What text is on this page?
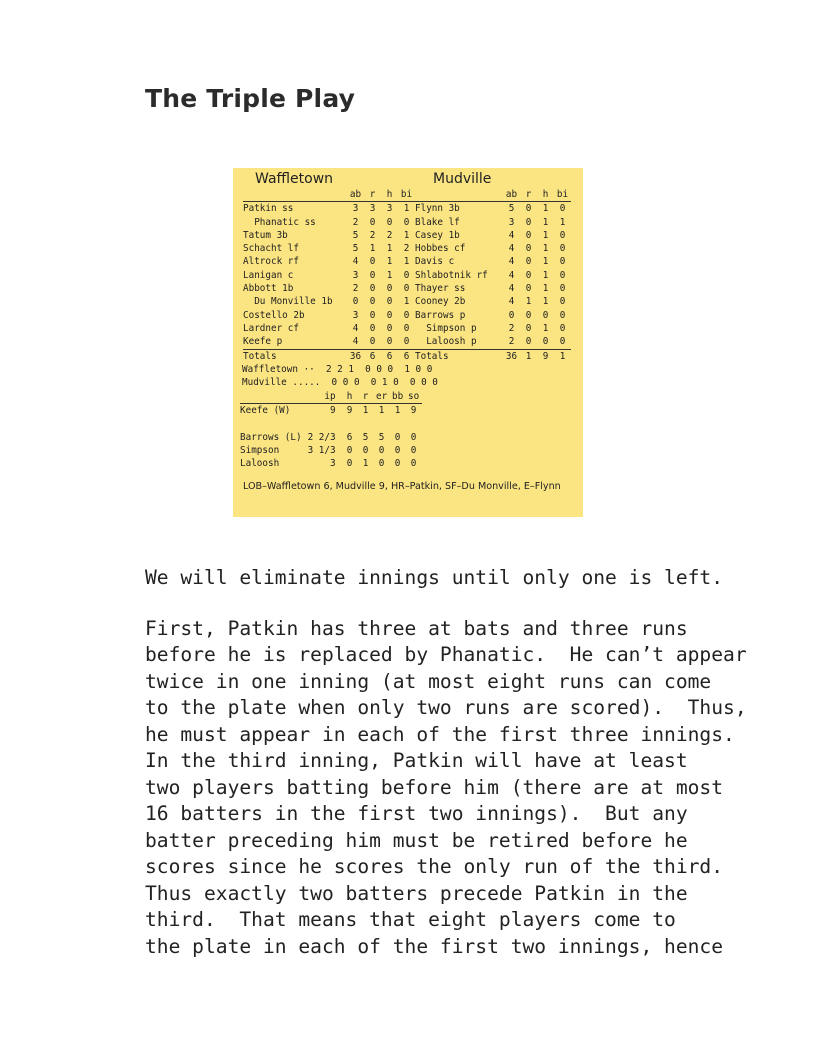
The Triple Play
Waffletown	Mudville
	ab	r	h	bi
Patkin ss	3	3	3	1
Phanatic ss	2	0	0	0
Tatum 3b	5	2	2	1
Schacht lf	5	1	1	2
Altrock rf	4	0	1	1
Lanigan c	3	0	1	0
Abbott 1b	2	0	0	0
Du Monville 1b	0	0	0	1
Costello 2b	3	0	0	0
Lardner cf	4	0	0	0
Keefe p	4	0	0	0
Totals	36	6	6	6
	ab	r	h	bi
Flynn 3b	5	0	1	0
Blake lf	3	0	1	1
Casey 1b	4	0	1	0
Hobbes cf	4	0	1	0
Davis c	4	0	1	0
Shlabotnik rf	4	0	1	0
Thayer ss	4	0	1	0
Cooney 2b	4	1	1	0
Barrows p	0	0	0	0
Simpson p	2	0	1	0
Laloosh p	2	0	0	0
Totals	36	1	9	1
Waffletown ··  2 2 1  0 0 0  1 0 0
Mudville .....  0 0 0  0 1 0  0 0 0
	ip	h	r	er	bb	so
Keefe (W)	9	9	1	1	1	9

Barrows (L)	2 2/3	6	5	5	0	0
Simpson	3 1/3	0	0	0	0	0
Laloosh	3	0	1	0	0	0
LOB–Waffletown 6, Mudville 9, HR–Patkin, SF–Du Monville, E–Flynn

We will eliminate innings until only one is left.

First, Patkin has three at bats and three runs
before he is replaced by Phanatic.  He can’t appear
twice in one inning (at most eight runs can come
to the plate when only two runs are scored).  Thus,
he must appear in each of the first three innings.
In the third inning, Patkin will have at least
two players batting before him (there are at most
16 batters in the first two innings).  But any
batter preceding him must be retired before he
scores since he scores the only run of the third.
Thus exactly two batters precede Patkin in the
third.  That means that eight players come to
the plate in each of the first two innings, hence
